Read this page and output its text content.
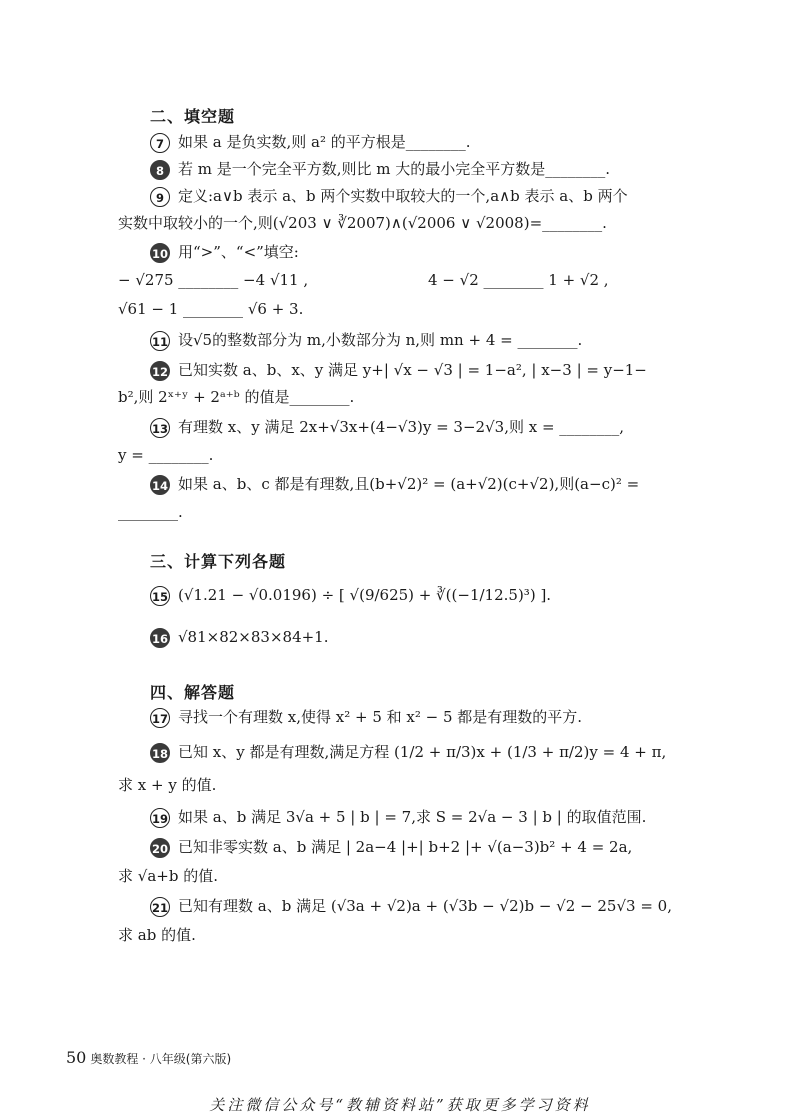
二、填空题
7 如果 a 是负实数,则 a² 的平方根是________.
8 若 m 是一个完全平方数,则比 m 大的最小完全平方数是________.
9 定义:a∨b 表示 a、b 两个实数中取较大的一个,a∧b 表示 a、b 两个
实数中取较小的一个,则(√203 ∨ ∛2007)∧(√2006 ∨ √2008)=________.
10 用“>”、“<”填空:
− √275 ________ −4 √11 ,	4 − √2 ________ 1 + √2 ,
√61 − 1 ________ √6 + 3.
11 设√5的整数部分为 m,小数部分为 n,则 mn + 4 = ________.
12 已知实数 a、b、x、y 满足 y+| √x − √3 | = 1−a², | x−3 | = y−1−
b²,则 2ˣ⁺ʸ + 2ᵃ⁺ᵇ 的值是________.
13 有理数 x、y 满足 2x+√3x+(4−√3)y = 3−2√3,则 x = ________,
y = ________.
14 如果 a、b、c 都是有理数,且(b+√2)² = (a+√2)(c+√2),则(a−c)² =
________.
三、计算下列各题
15 (√1.21 − √0.0196) ÷ [ √(9/625) + ∛((−1/12.5)³) ].
16 √81×82×83×84+1.
四、解答题
17 寻找一个有理数 x,使得 x² + 5 和 x² − 5 都是有理数的平方.
18 已知 x、y 都是有理数,满足方程 (1/2 + π/3)x + (1/3 + π/2)y = 4 + π,
求 x + y 的值.
19 如果 a、b 满足 3√a + 5 | b | = 7,求 S = 2√a − 3 | b | 的取值范围.
20 已知非零实数 a、b 满足 | 2a−4 |+| b+2 |+ √(a−3)b² + 4 = 2a,
求 √a+b 的值.
21 已知有理数 a、b 满足 (√3a + √2)a + (√3b − √2)b − √2 − 25√3 = 0,
求 ab 的值.
50 奥数教程 · 八年级(第六版)
关注微信公众号“教辅资料站”获取更多学习资料
